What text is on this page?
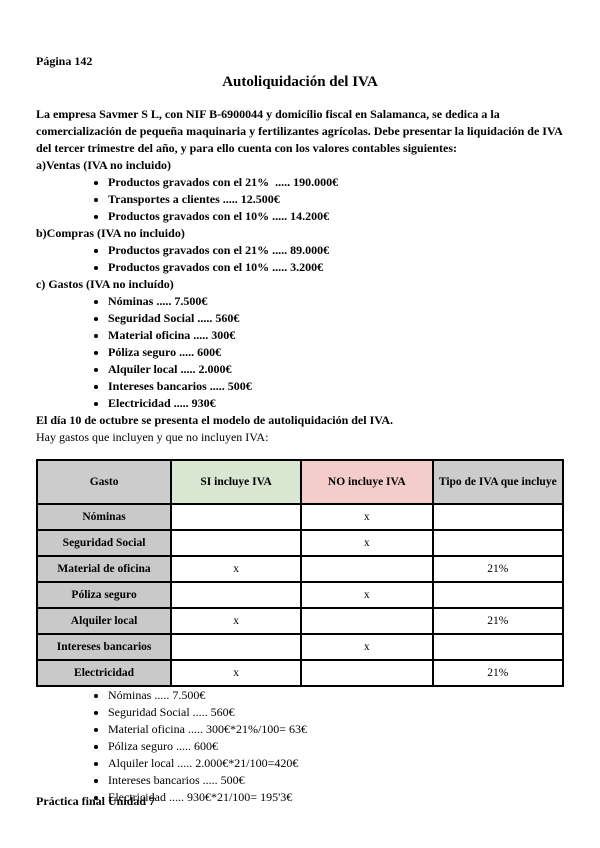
Página 142
Autoliquidación del IVA

La empresa Savmer S L, con NIF B-6900044 y domicilio fiscal en Salamanca, se dedica a la comercialización de pequeña maquinaria y fertilizantes agrícolas. Debe presentar la liquidación de IVA del tercer trimestre del año, y para ello cuenta con los valores contables siguientes:

a)Ventas (IVA no incluido)
• Productos gravados con el 21%  ..... 190.000€
• Transportes a clientes ..... 12.500€
• Productos gravados con el 10% ..... 14.200€
b)Compras (IVA no incluido)
• Productos gravados con el 21% ..... 89.000€
• Productos gravados con el 10% ..... 3.200€
c) Gastos (IVA no incluído)
• Nóminas ..... 7.500€
• Seguridad Social ..... 560€
• Material oficina ..... 300€
• Póliza seguro ..... 600€
• Alquiler local ..... 2.000€
• Intereses bancarios ..... 500€
• Electricidad ..... 930€

El día 10 de octubre se presenta el modelo de autoliquidación del IVA.

Hay gastos que incluyen y que no incluyen IVA:

Gasto	SI incluye IVA	NO incluye IVA	Tipo de IVA que incluye
Nóminas		x	
Seguridad Social		x	
Material de oficina	x		21%
Póliza seguro		x	
Alquiler local	x		21%
Intereses bancarios		x	
Electricidad	x		21%
• Nóminas ..... 7.500€
• Seguridad Social ..... 560€
• Material oficina ..... 300€*21%/100= 63€
• Póliza seguro ..... 600€
• Alquiler local ..... 2.000€*21/100=420€
• Intereses bancarios ..... 500€
• Electricidad ..... 930€*21/100= 195'3€
Práctica final Unidad 7
